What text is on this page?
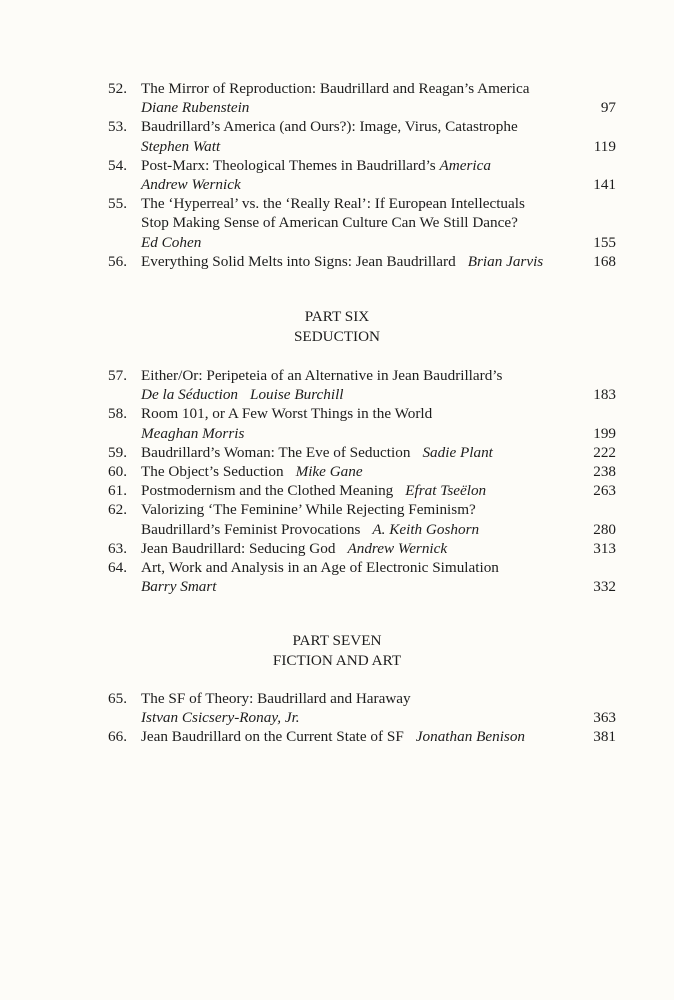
52. The Mirror of Reproduction: Baudrillard and Reagan’s America
Diane Rubenstein	97
53. Baudrillard’s America (and Ours?): Image, Virus, Catastrophe
Stephen Watt	119
54. Post-Marx: Theological Themes in Baudrillard’s America
Andrew Wernick	141
55. The ‘Hyperreal’ vs. the ‘Really Real’: If European Intellectuals
Stop Making Sense of American Culture Can We Still Dance?
Ed Cohen	155
56. Everything Solid Melts into Signs: Jean Baudrillard Brian Jarvis	168
PART SIX
SEDUCTION
57. Either/Or: Peripeteia of an Alternative in Jean Baudrillard’s
De la Séduction Louise Burchill	183
58. Room 101, or A Few Worst Things in the World
Meaghan Morris	199
59. Baudrillard’s Woman: The Eve of Seduction Sadie Plant	222
60. The Object’s Seduction Mike Gane	238
61. Postmodernism and the Clothed Meaning Efrat Tseëlon	263
62. Valorizing ‘The Feminine’ While Rejecting Feminism?
Baudrillard’s Feminist Provocations A. Keith Goshorn	280
63. Jean Baudrillard: Seducing God Andrew Wernick	313
64. Art, Work and Analysis in an Age of Electronic Simulation
Barry Smart	332
PART SEVEN
FICTION AND ART
65. The SF of Theory: Baudrillard and Haraway
Istvan Csicsery-Ronay, Jr.	363
66. Jean Baudrillard on the Current State of SF Jonathan Benison	381
